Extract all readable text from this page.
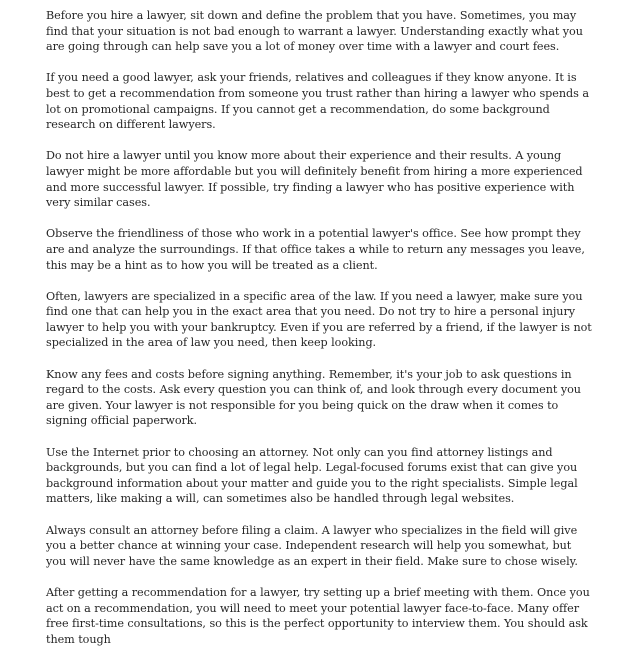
Before you hire a lawyer, sit down and define the problem that you have. Sometimes, you may find that your situation is not bad enough to warrant a lawyer. Understanding exactly what you are going through can help save you a lot of money over time with a lawyer and court fees.

If you need a good lawyer, ask your friends, relatives and colleagues if they know anyone. It is best to get a recommendation from someone you trust rather than hiring a lawyer who spends a lot on promotional campaigns. If you cannot get a recommendation, do some background research on different lawyers.

Do not hire a lawyer until you know more about their experience and their results. A young lawyer might be more affordable but you will definitely benefit from hiring a more experienced and more successful lawyer. If possible, try finding a lawyer who has positive experience with very similar cases.

Observe the friendliness of those who work in a potential lawyer's office. See how prompt they are and analyze the surroundings. If that office takes a while to return any messages you leave, this may be a hint as to how you will be treated as a client.

Often, lawyers are specialized in a specific area of the law. If you need a lawyer, make sure you find one that can help you in the exact area that you need. Do not try to hire a personal injury lawyer to help you with your bankruptcy. Even if you are referred by a friend, if the lawyer is not specialized in the area of law you need, then keep looking.

Know any fees and costs before signing anything. Remember, it's your job to ask questions in regard to the costs. Ask every question you can think of, and look through every document you are given. Your lawyer is not responsible for you being quick on the draw when it comes to signing official paperwork.

Use the Internet prior to choosing an attorney. Not only can you find attorney listings and backgrounds, but you can find a lot of legal help. Legal-focused forums exist that can give you background information about your matter and guide you to the right specialists. Simple legal matters, like making a will, can sometimes also be handled through legal websites.

Always consult an attorney before filing a claim. A lawyer who specializes in the field will give you a better chance at winning your case. Independent research will help you somewhat, but you will never have the same knowledge as an expert in their field. Make sure to chose wisely.

After getting a recommendation for a lawyer, try setting up a brief meeting with them. Once you act on a recommendation, you will need to meet your potential lawyer face-to-face. Many offer free first-time consultations, so this is the perfect opportunity to interview them. You should ask them tough
